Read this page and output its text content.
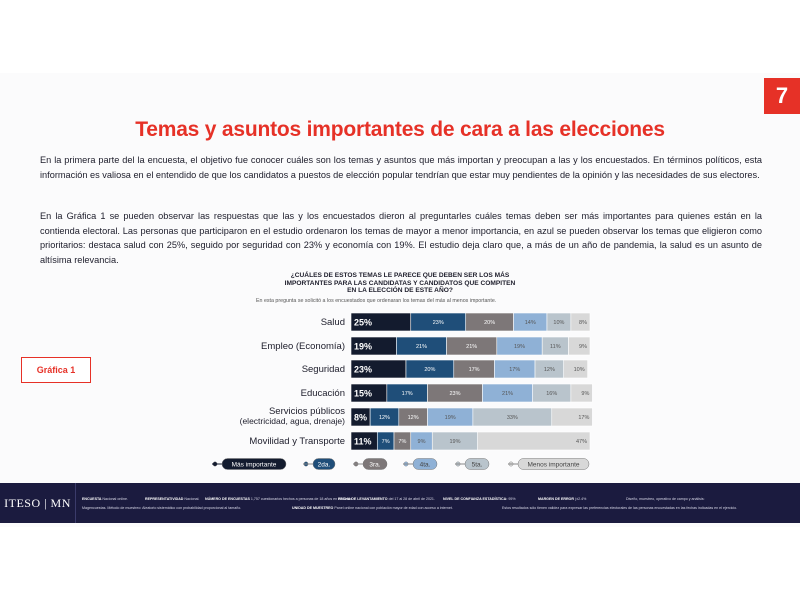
7
Temas y asuntos importantes de cara a las elecciones

En la primera parte del la encuesta, el objetivo fue conocer cuáles son los temas y asuntos que más importan y preocupan a las y los encuestados. En términos políticos, esta información es valiosa en el entendido de que los candidatos a puestos de elección popular tendrían que estar muy pendientes de la opinión y las necesidades de sus electores.

En la Gráfica 1 se pueden observar las respuestas que las y los encuestados dieron al preguntarles cuáles temas deben ser más importantes para quienes están en la contienda electoral. Las personas que participaron en el estudio ordenaron los temas de mayor a menor importancia, en azul se pueden observar los temas que eligieron como prioritarios: destaca salud con 25%, seguido por seguridad con 23% y economía con 19%. El estudio deja claro que, a más de un año de pandemia, la salud es un asunto de altísima relevancia.

¿CUÁLES DE ESTOS TEMAS LE PARECE QUE DEBEN SER LOS MÁS
IMPORTANTES PARA LAS CANDIDATAS Y CANDIDATOS QUE COMPITEN
EN LA ELECCIÓN DE ESTE AÑO?
En esta pregunta se solicitó a los encuestados que ordenaran los temas del más al menos importante.
Gráfica 1
Salud 25%	23%	20%	14%	10%	8%
Empleo (Economía) 19%	21%	21%	19%	11%	9%
Seguridad 23%	20%	17%	17%	12%	10%
Educación 15%	17%	23%	21%	16%	9%
Servicios públicos
(electricidad, agua, drenaje) 8% 12%	12%	19%	33%	17%
Movilidad y Transporte 11% 7% 7% 9%	19%	47%
Más importante	2da.	3ra.	4ta.	5ta.	Menos importante
ITESO | MN	ENCUESTA Nacional online.	REPRESENTATIVIDAD Nacional. NÚMERO DE ENCUESTAS 1,757 cuestionarios hechos a personas de 18 años en adelante.
FECHA DE LEVANTAMIENTO del 17 al 28 de abril de 2021. NIVEL DE CONFIANZA ESTADÍSTICA: 95%	MARGEN DE ERROR (±2.4%	Diseño, muestreo, operativo de campo y análisis:
Mag​encuestas. Método de muestreo: Aleatorio sistemático con probabilidad proporcional al tamaño.	UNIDAD DE MUESTREO Panel online nacional con población mayor de edad con acceso a internet.	Estos resultados sólo tienen validez para expresar las preferencias electorales de las personas encuestadas en las fechas indicadas en el ejercicio.
